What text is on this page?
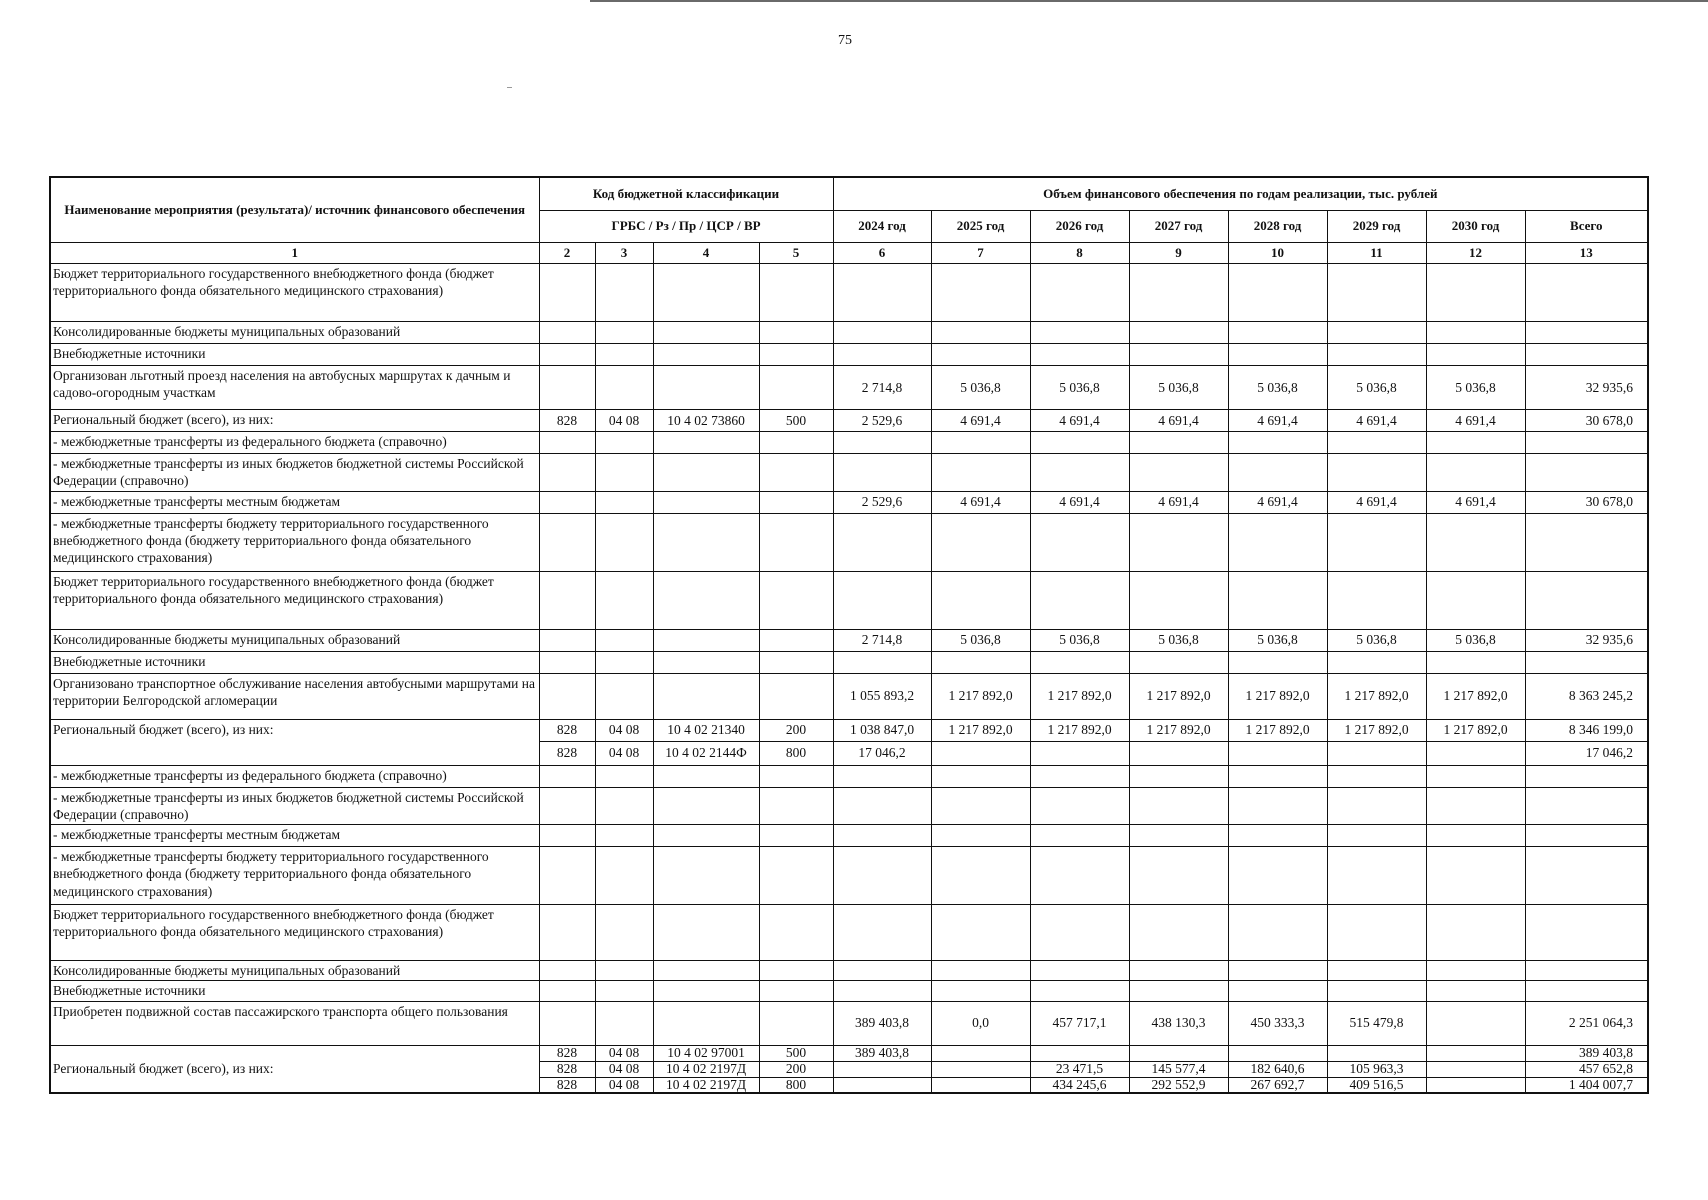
75
Наименование мероприятия (результата)/ источник финансового обеспечения	Код бюджетной классификации				Объем финансового обеспечения по годам реализации, тыс. рублей							
	ГРБС / Рз / Пр / ЦСР / ВР				2024 год	2025 год	2026 год	2027 год	2028 год	2029 год	2030 год	Всего
1	2	3	4	5	6	7	8	9	10	11	12	13
Бюджет территориального государственного внебюджетного фонда (бюджет территориального фонда обязательного медицинского страхования)												
Консолидированные бюджеты муниципальных образований												
Внебюджетные источники												
Организован льготный проезд населения на автобусных маршрутах к дачным и садово-огородным участкам					2 714,8	5 036,8	5 036,8	5 036,8	5 036,8	5 036,8	5 036,8	32 935,6
Региональный бюджет (всего), из них:	828	04 08	10 4 02 73860	500	2 529,6	4 691,4	4 691,4	4 691,4	4 691,4	4 691,4	4 691,4	30 678,0
- межбюджетные трансферты из федерального бюджета (справочно)												
- межбюджетные трансферты из иных бюджетов бюджетной системы Российской Федерации (справочно)												
- межбюджетные трансферты местным бюджетам					2 529,6	4 691,4	4 691,4	4 691,4	4 691,4	4 691,4	4 691,4	30 678,0
- межбюджетные трансферты бюджету территориального государственного внебюджетного фонда (бюджету территориального фонда обязательного медицинского страхования)												
Бюджет территориального государственного внебюджетного фонда (бюджет территориального фонда обязательного медицинского страхования)												
Консолидированные бюджеты муниципальных образований					2 714,8	5 036,8	5 036,8	5 036,8	5 036,8	5 036,8	5 036,8	32 935,6
Внебюджетные источники												
Организовано транспортное обслуживание населения автобусными маршрутами на территории Белгородской агломерации					1 055 893,2	1 217 892,0	1 217 892,0	1 217 892,0	1 217 892,0	1 217 892,0	1 217 892,0	8 363 245,2
Региональный бюджет (всего), из них:	828	04 08	10 4 02 21340	200	1 038 847,0	1 217 892,0	1 217 892,0	1 217 892,0	1 217 892,0	1 217 892,0	1 217 892,0	8 346 199,0
	828	04 08	10 4 02 2144Ф	800	17 046,2							17 046,2
- межбюджетные трансферты из федерального бюджета (справочно)												
- межбюджетные трансферты из иных бюджетов бюджетной системы Российской Федерации (справочно)												
- межбюджетные трансферты местным бюджетам												
- межбюджетные трансферты бюджету территориального государственного внебюджетного фонда (бюджету территориального фонда обязательного медицинского страхования)												
Бюджет территориального государственного внебюджетного фонда (бюджет территориального фонда обязательного медицинского страхования)												
Консолидированные бюджеты муниципальных образований												
Внебюджетные источники												
Приобретен подвижной состав пассажирского транспорта общего пользования					389 403,8	0,0	457 717,1	438 130,3	450 333,3	515 479,8		2 251 064,3
Региональный бюджет (всего), из них:	828	04 08	10 4 02 97001	500	389 403,8							389 403,8
	828	04 08	10 4 02 2197Д	200			23 471,5	145 577,4	182 640,6	105 963,3		457 652,8
	828	04 08	10 4 02 2197Д	800			434 245,6	292 552,9	267 692,7	409 516,5		1 404 007,7
